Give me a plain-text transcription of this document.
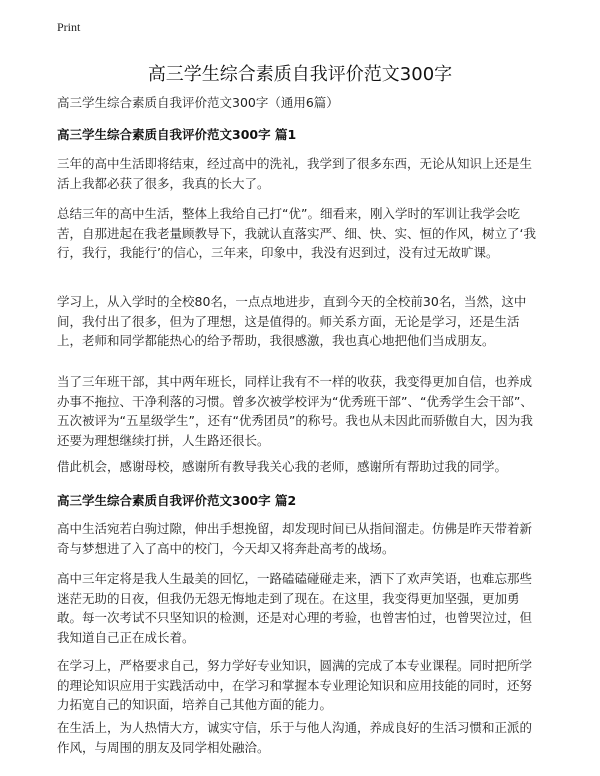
Print
高三学生综合素质自我评价范文300字
高三学生综合素质自我评价范文300字（通用6篇）
高三学生综合素质自我评价范文300字 篇1

三年的高中生活即将结束，经过高中的洗礼，我学到了很多东西，无论从知识上还是生活上我都必获了很多，我真的长大了。

总结三年的高中生活，整体上我给自己打“优”。细看来，刚入学时的军训让我学会吃苦，自那进起在我老量顾教导下，我就认直落实严、细、快、实、恒的作风，树立了‘我行，我行，我能行’的信心，三年来，印象中，我没有迟到过，没有过无故旷课。

学习上，从入学时的全校80名，一点点地进步，直到今天的全校前30名，当然，这中间，我付出了很多，但为了理想，这是值得的。师关系方面，无论是学习，还是生活上，老师和同学都能热心的给予帮助，我很感激，我也真心地把他们当成朋友。

当了三年班干部，其中两年班长，同样让我有不一样的收获，我变得更加自信，也养成办事不拖拉、干净利落的习惯。曾多次被学校评为“优秀班干部”、“优秀学生会干部”、五次被评为“五星级学生”，还有“优秀团员”的称号。我也从未因此而骄傲自大，因为我还要为理想继续打拼，人生路还很长。

借此机会，感谢母校，感谢所有教导我关心我的老师，感谢所有帮助过我的同学。

高三学生综合素质自我评价范文300字 篇2

高中生活宛若白驹过隙，伸出手想挽留，却发现时间已从指间溜走。仿佛是昨天带着新奇与梦想进了入了高中的校门，今天却又将奔赴高考的战场。

高中三年定将是我人生最美的回忆，一路磕磕碰碰走来，洒下了欢声笑语，也难忘那些迷茫无助的日夜，但我仍无怨无悔地走到了现在。在这里，我变得更加坚强，更加勇敢。每一次考试不只坚知识的检测，还是对心理的考验，也曾害怕过，也曾哭泣过，但我知道自己正在成长着。

在学习上，严格要求自己，努力学好专业知识，圆满的完成了本专业课程。同时把所学的理论知识应用于实践活动中，在学习和掌握本专业理论知识和应用技能的同时，还努力拓宽自己的知识面，培养自己其他方面的能力。

在生活上，为人热情大方，诚实守信，乐于与他人沟通，养成良好的生活习惯和正派的作风，与周围的朋友及同学相处融洽。
